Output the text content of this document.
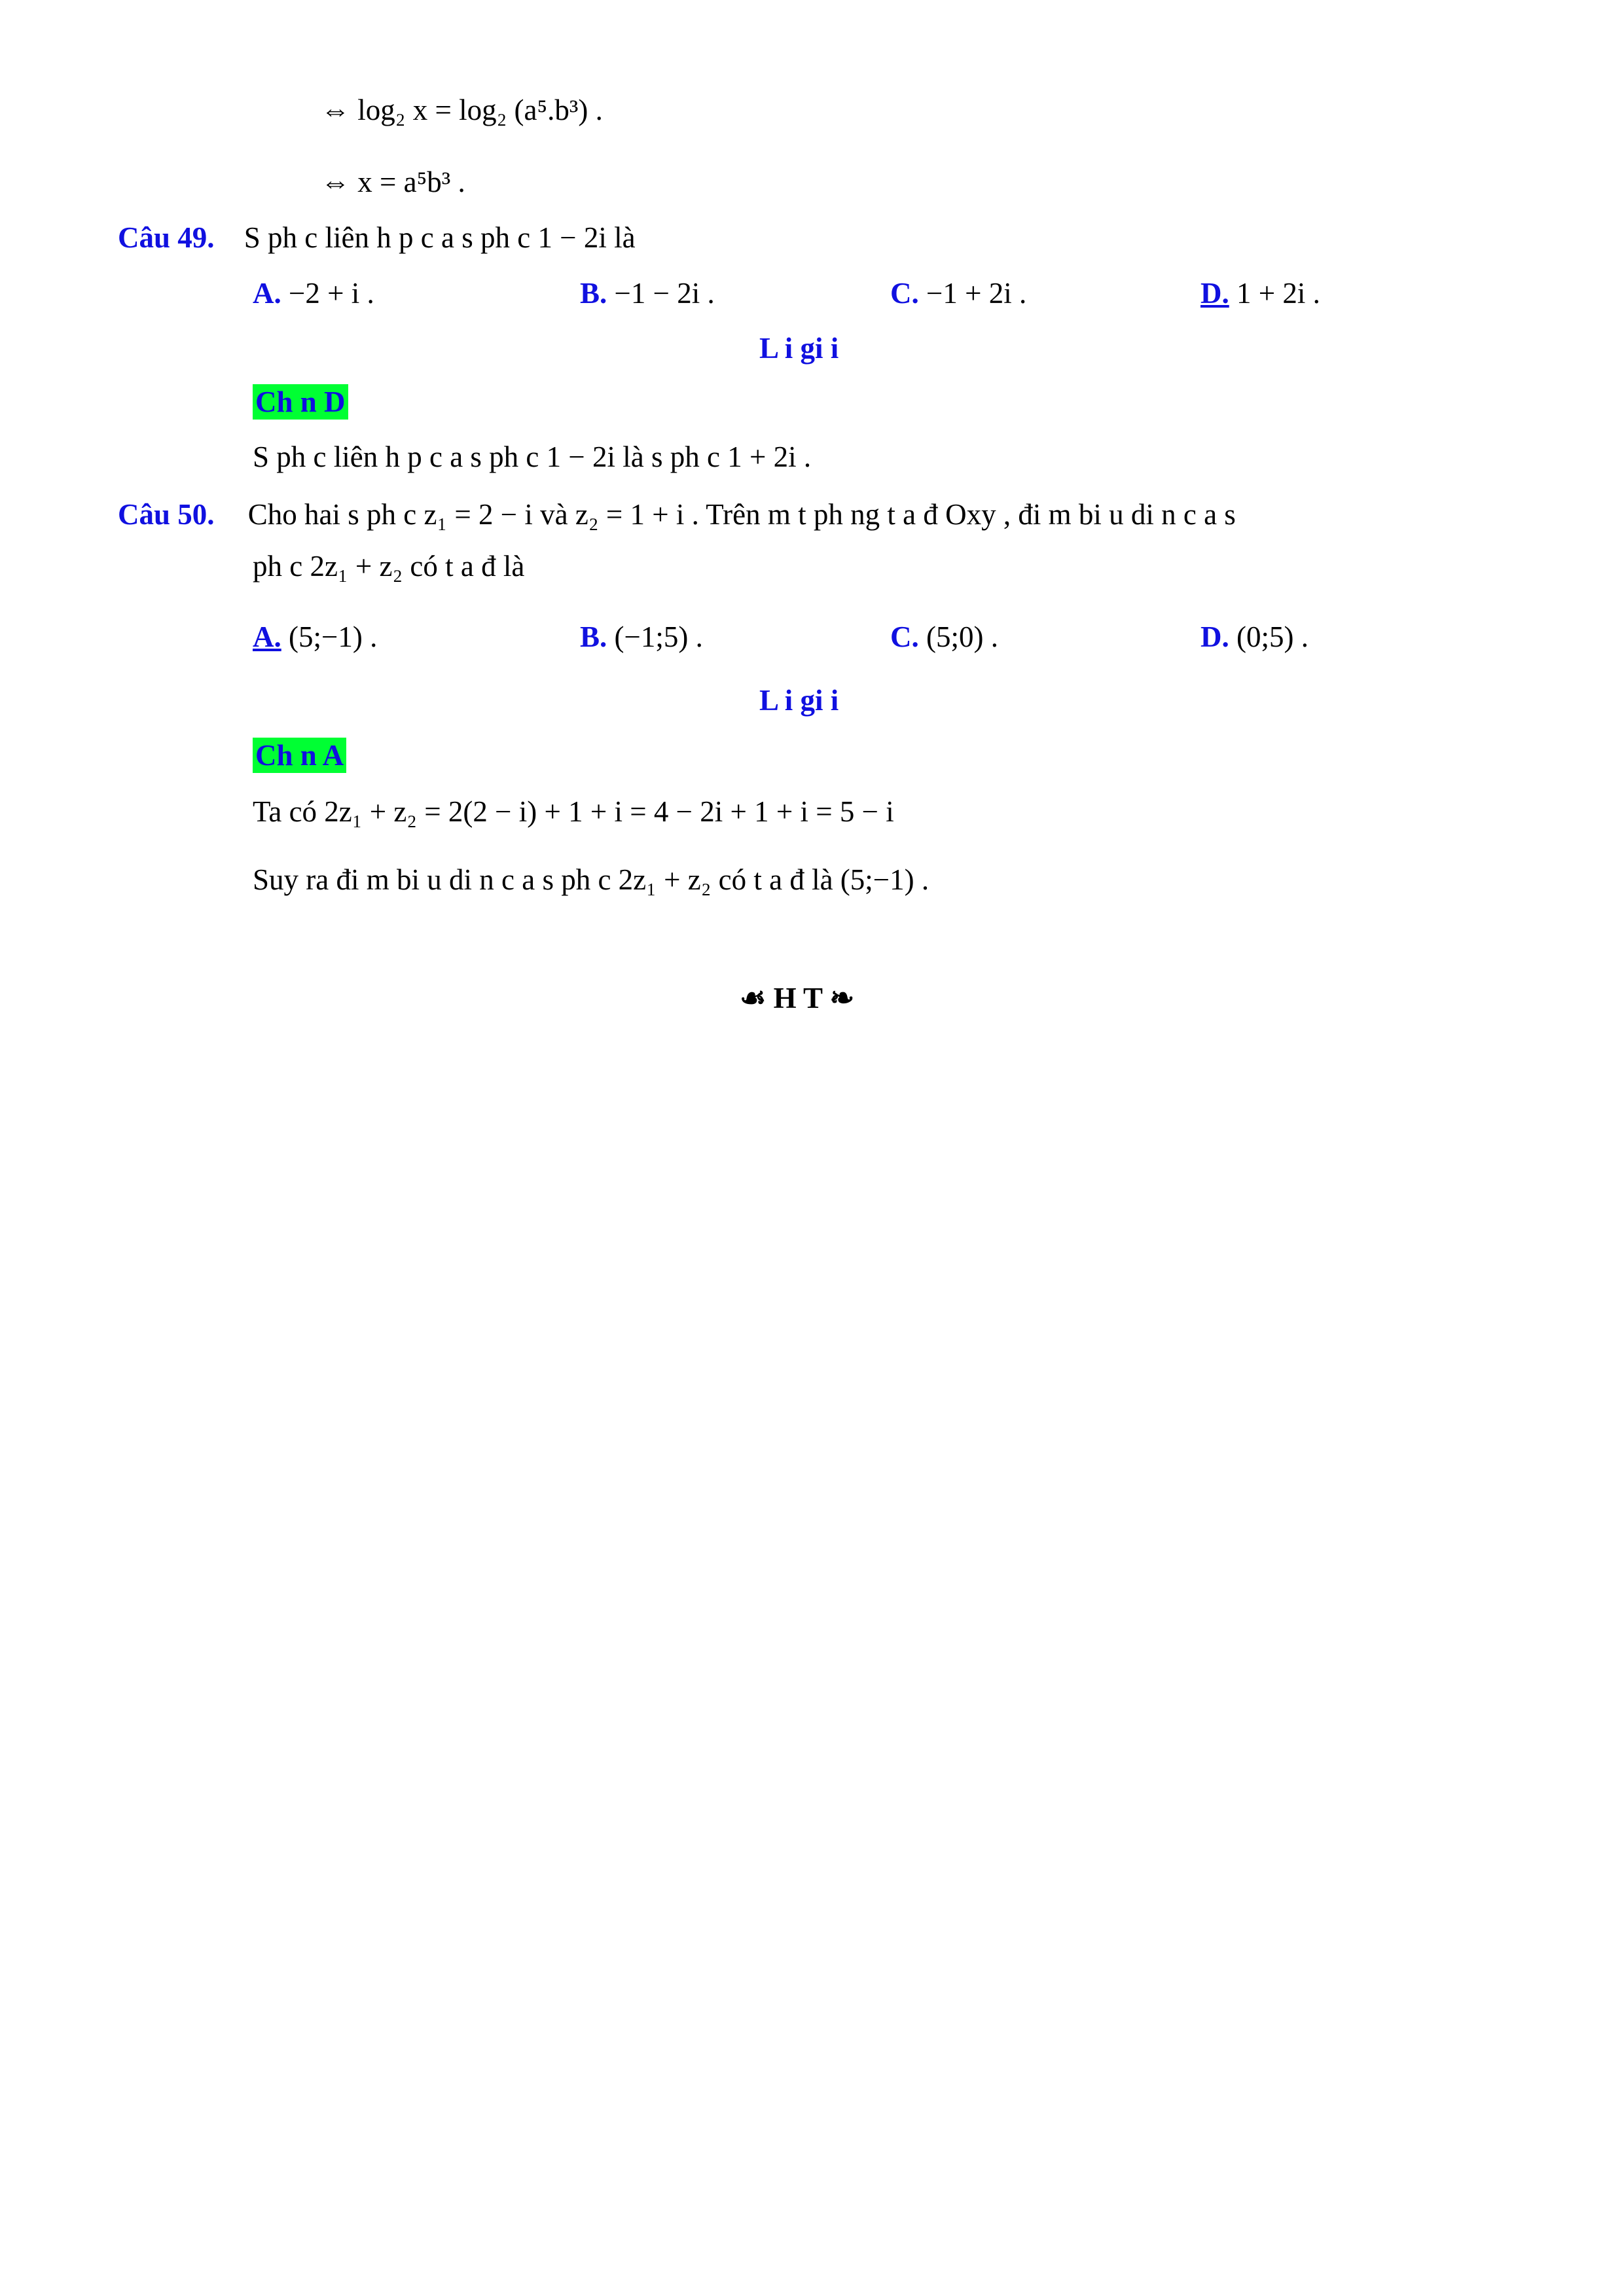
⇔ log₂ x = log₂ (a⁵.b³) .
⇔ x = a⁵b³ .
Câu 49. S ph c liên h p c a s ph c 1 − 2i là
A. −2 + i .	B. −1 − 2i .	C. −1 + 2i .	D. 1 + 2i .
L i gi i
Ch n D
S ph c liên h p c a s ph c 1 − 2i là s ph c 1 + 2i .
Câu 50. Cho hai s ph c z₁ = 2 − i và z₂ = 1 + i . Trên m t ph ng t a đ Oxy , đi m bi u di n c a s
ph c 2z₁ + z₂ có t a đ là
A. (5;−1) .	B. (−1;5) .	C. (5;0) .	D. (0;5) .
L i gi i
Ch n A
Ta có 2z₁ + z₂ = 2(2 − i) + 1 + i = 4 − 2i + 1 + i = 5 − i
Suy ra đi m bi u di n c a s ph c 2z₁ + z₂ có t a đ là (5;−1) .
☙ H T ❧
